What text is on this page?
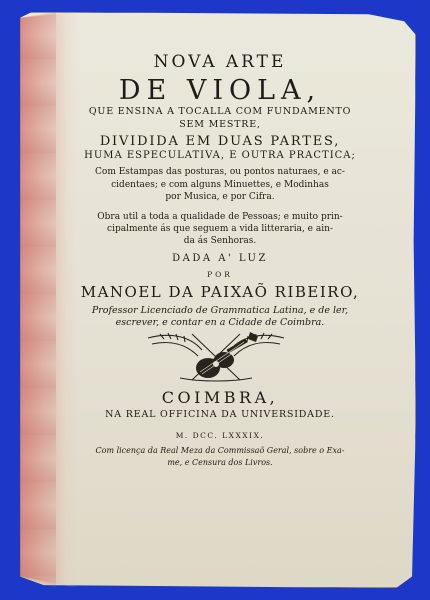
NOVA ARTE

DE VIOLA,

QUE ENSINA A TOCALLA COM FUNDAMENTO

SEM MESTRE,

DIVIDIDA EM DUAS PARTES,

HUMA ESPECULATIVA, E OUTRA PRACTICA;

Com Estampas das posturas, ou pontos naturaes, e ac-

cidentaes; e com alguns Minuettes, e Modinhas

por Musica, e por Cifra.

Obra util a toda a qualidade de Pessoas; e muito prin-

cipalmente ás que seguem a vida litteraria, e ain-

da ás Senhoras.

DADA A' LUZ

POR

MANOEL DA PAIXAÕ RIBEIRO,

Professor Licenciado de Grammatica Latina, e de ler,

escrever, e contar en a Cidade de Coimbra.

COIMBRA,

NA REAL OFFICINA DA UNIVERSIDADE.

M. DCC. LXXXIX.

Com licença da Real Meza da Commissaõ Geral, sobre o Exa-

me, e Censura dos Livros.
